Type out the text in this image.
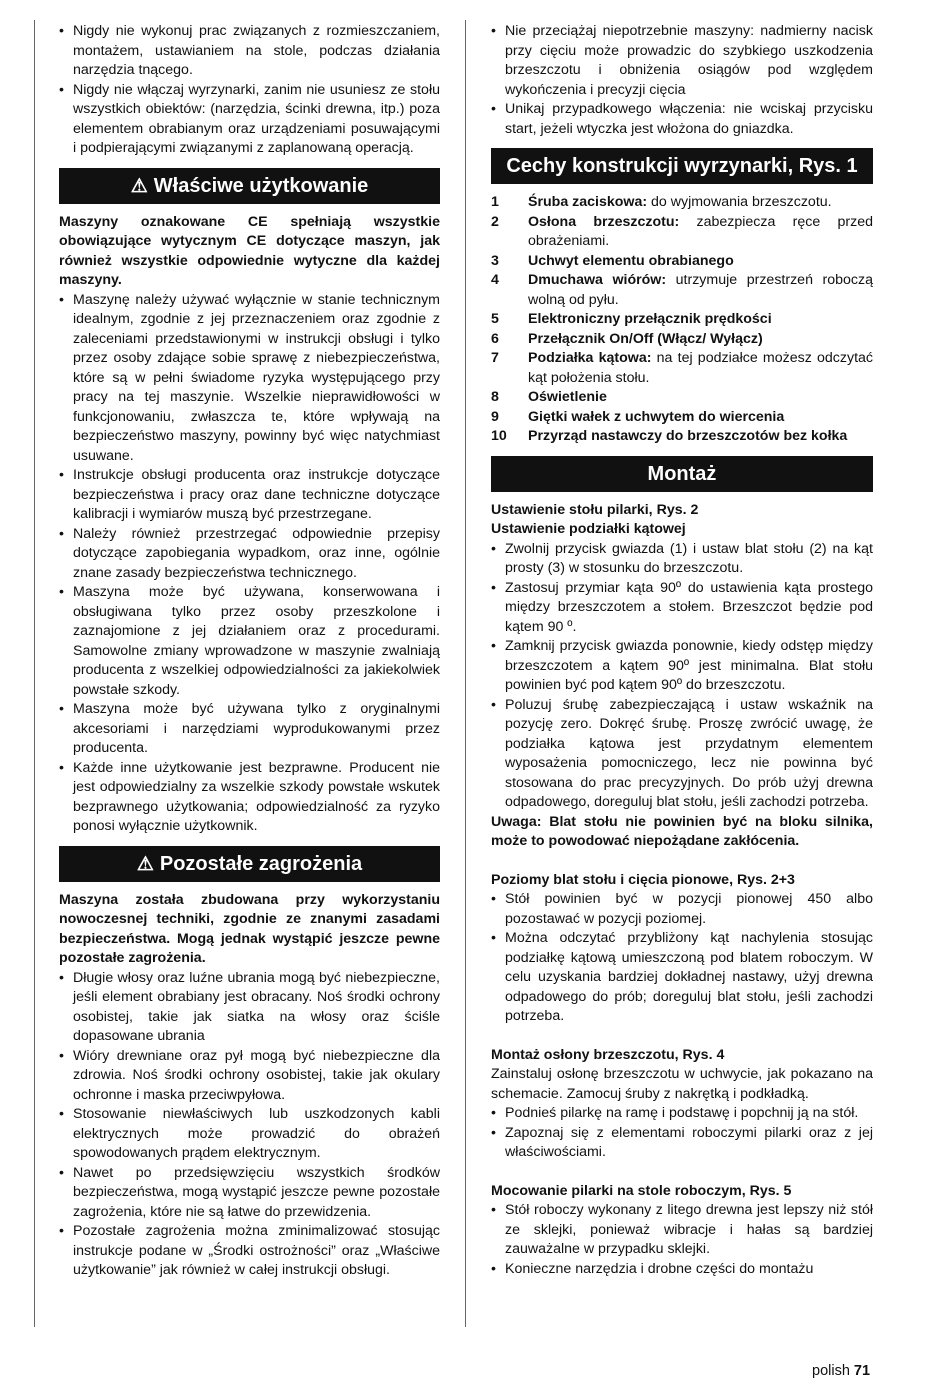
• Nigdy nie wykonuj prac związanych z rozmieszczaniem, montażem, ustawianiem na stole, podczas działania narzędzia tnącego.
• Nigdy nie włączaj wyrzynarki, zanim nie usuniesz ze stołu wszystkich obiektów: (narzędzia, ścinki drewna, itp.) poza elementem obrabianym oraz urządzeniami posuwającymi i podpierającymi związanymi z zaplanowaną operacją.
⚠ Właściwe użytkowanie

Maszyny oznakowane CE spełniają wszystkie obowiązujące wytycznym CE dotyczące maszyn, jak również wszystkie odpowiednie wytyczne dla każdej maszyny.

• Maszynę należy używać wyłącznie w stanie technicznym idealnym, zgodnie z jej przeznaczeniem oraz zgodnie z zaleceniami przedstawionymi w instrukcji obsługi i tylko przez osoby zdające sobie sprawę z niebezpieczeństwa, które są w pełni świadome ryzyka występującego przy pracy na tej maszynie. Wszelkie nieprawidłowości w funkcjonowaniu, zwłaszcza te, które wpływają na bezpieczeństwo maszyny, powinny być więc natychmiast usuwane.
• Instrukcje obsługi producenta oraz instrukcje dotyczące bezpieczeństwa i pracy oraz dane techniczne dotyczące kalibracji i wymiarów muszą być przestrzegane.
• Należy również przestrzegać odpowiednie przepisy dotyczące zapobiegania wypadkom, oraz inne, ogólnie znane zasady bezpieczeństwa technicznego.
• Maszyna może być używana, konserwowana i obsługiwana tylko przez osoby przeszkolone i zaznajomione z jej działaniem oraz z procedurami. Samowolne zmiany wprowadzone w maszynie zwalniają producenta z wszelkiej odpowiedzialności za jakiekolwiek powstałe szkody.
• Maszyna może być używana tylko z oryginalnymi akcesoriami i narzędziami wyprodukowanymi przez producenta.
• Każde inne użytkowanie jest bezprawne. Producent nie jest odpowiedzialny za wszelkie szkody powstałe wskutek bezprawnego użytkowania; odpowiedzialność za ryzyko ponosi wyłącznie użytkownik.
⚠ Pozostałe zagrożenia

Maszyna została zbudowana przy wykorzystaniu nowoczesnej techniki, zgodnie ze znanymi zasadami bezpieczeństwa. Mogą jednak wystąpić jeszcze pewne pozostałe zagrożenia.

• Długie włosy oraz luźne ubrania mogą być niebezpieczne, jeśli element obrabiany jest obracany. Noś środki ochrony osobistej, takie jak siatka na włosy oraz ściśle dopasowane ubrania
• Wióry drewniane oraz pył mogą być niebezpieczne dla zdrowia. Noś środki ochrony osobistej, takie jak okulary ochronne i maska przeciwpyłowa.
• Stosowanie niewłaściwych lub uszkodzonych kabli elektrycznych może prowadzić do obrażeń spowodowanych prądem elektrycznym.
• Nawet po przedsięwzięciu wszystkich środków bezpieczeństwa, mogą wystąpić jeszcze pewne pozostałe zagrożenia, które nie są łatwe do przewidzenia.
• Pozostałe zagrożenia można zminimalizować stosując instrukcje podane w „Środki ostrożności” oraz „Właściwe użytkowanie” jak również w całej instrukcji obsługi.
• Nie przeciążaj niepotrzebnie maszyny: nadmierny nacisk przy cięciu może prowadzic do szybkiego uszkodzenia brzeszczotu i obniżenia osiągów pod względem wykończenia i precyzji cięcia
• Unikaj przypadkowego włączenia: nie wciskaj przycisku start, jeżeli wtyczka jest włożona do gniazdka.
Cechy konstrukcji wyrzynarki, Rys. 1
1 Śruba zaciskowa: do wyjmowania brzeszczotu.
2 Osłona brzeszczotu: zabezpiecza ręce przed obrażeniami.
3 Uchwyt elementu obrabianego
4 Dmuchawa wiórów: utrzymuje przestrzeń roboczą wolną od pyłu.
5 Elektroniczny przełącznik prędkości
6 Przełącznik On/Off (Włącz/ Wyłącz)
7 Podziałka kątowa: na tej podziałce możesz odczytać kąt położenia stołu.
8 Oświetlenie
9 Giętki wałek z uchwytem do wiercenia
10 Przyrząd nastawczy do brzeszczotów bez kołka
Montaż

Ustawienie stołu pilarki, Rys. 2

Ustawienie podziałki kątowej

• Zwolnij przycisk gwiazda (1) i ustaw blat stołu (2) na kąt prosty (3) w stosunku do brzeszczotu.
• Zastosuj przymiar kąta 90º do ustawienia kąta prostego między brzeszczotem a stołem. Brzeszczot będzie pod kątem 90 º.
• Zamknij przycisk gwiazda ponownie, kiedy odstęp między brzeszczotem a kątem 90º jest minimalna. Blat stołu powinien być pod kątem 90º do brzeszczotu.
• Poluzuj śrubę zabezpieczającą i ustaw wskaźnik na pozycję zero. Dokręć śrubę. Proszę zwrócić uwagę, że podziałka kątowa jest przydatnym elementem wyposażenia pomocniczego, lecz nie powinna być stosowana do prac precyzyjnych. Do prób użyj drewna odpadowego, doreguluj blat stołu, jeśli zachodzi potrzeba.

Uwaga: Blat stołu nie powinien być na bloku silnika, może to powodować niepożądane zakłócenia.

Poziomy blat stołu i cięcia pionowe, Rys. 2+3

• Stół powinien być w pozycji pionowej 450 albo pozostawać w pozycji poziomej.
• Można odczytać przybliżony kąt nachylenia stosując podziałkę kątową umieszczoną pod blatem roboczym. W celu uzyskania bardziej dokładnej nastawy, użyj drewna odpadowego do prób; doreguluj blat stołu, jeśli zachodzi potrzeba.

Montaż osłony brzeszczotu, Rys. 4

Zainstaluj osłonę brzeszczotu w uchwycie, jak pokazano na schemacie. Zamocuj śruby z nakrętką i podkładką.

• Podnieś pilarkę na ramę i podstawę i popchnij ją na stół.
• Zapoznaj się z elementami roboczymi pilarki oraz z jej właściwościami.

Mocowanie pilarki na stole roboczym, Rys. 5

• Stół roboczy wykonany z litego drewna jest lepszy niż stół ze sklejki, ponieważ wibracje i hałas są bardziej zauważalne w przypadku sklejki.
• Konieczne narzędzia i drobne części do montażu
polish 71
